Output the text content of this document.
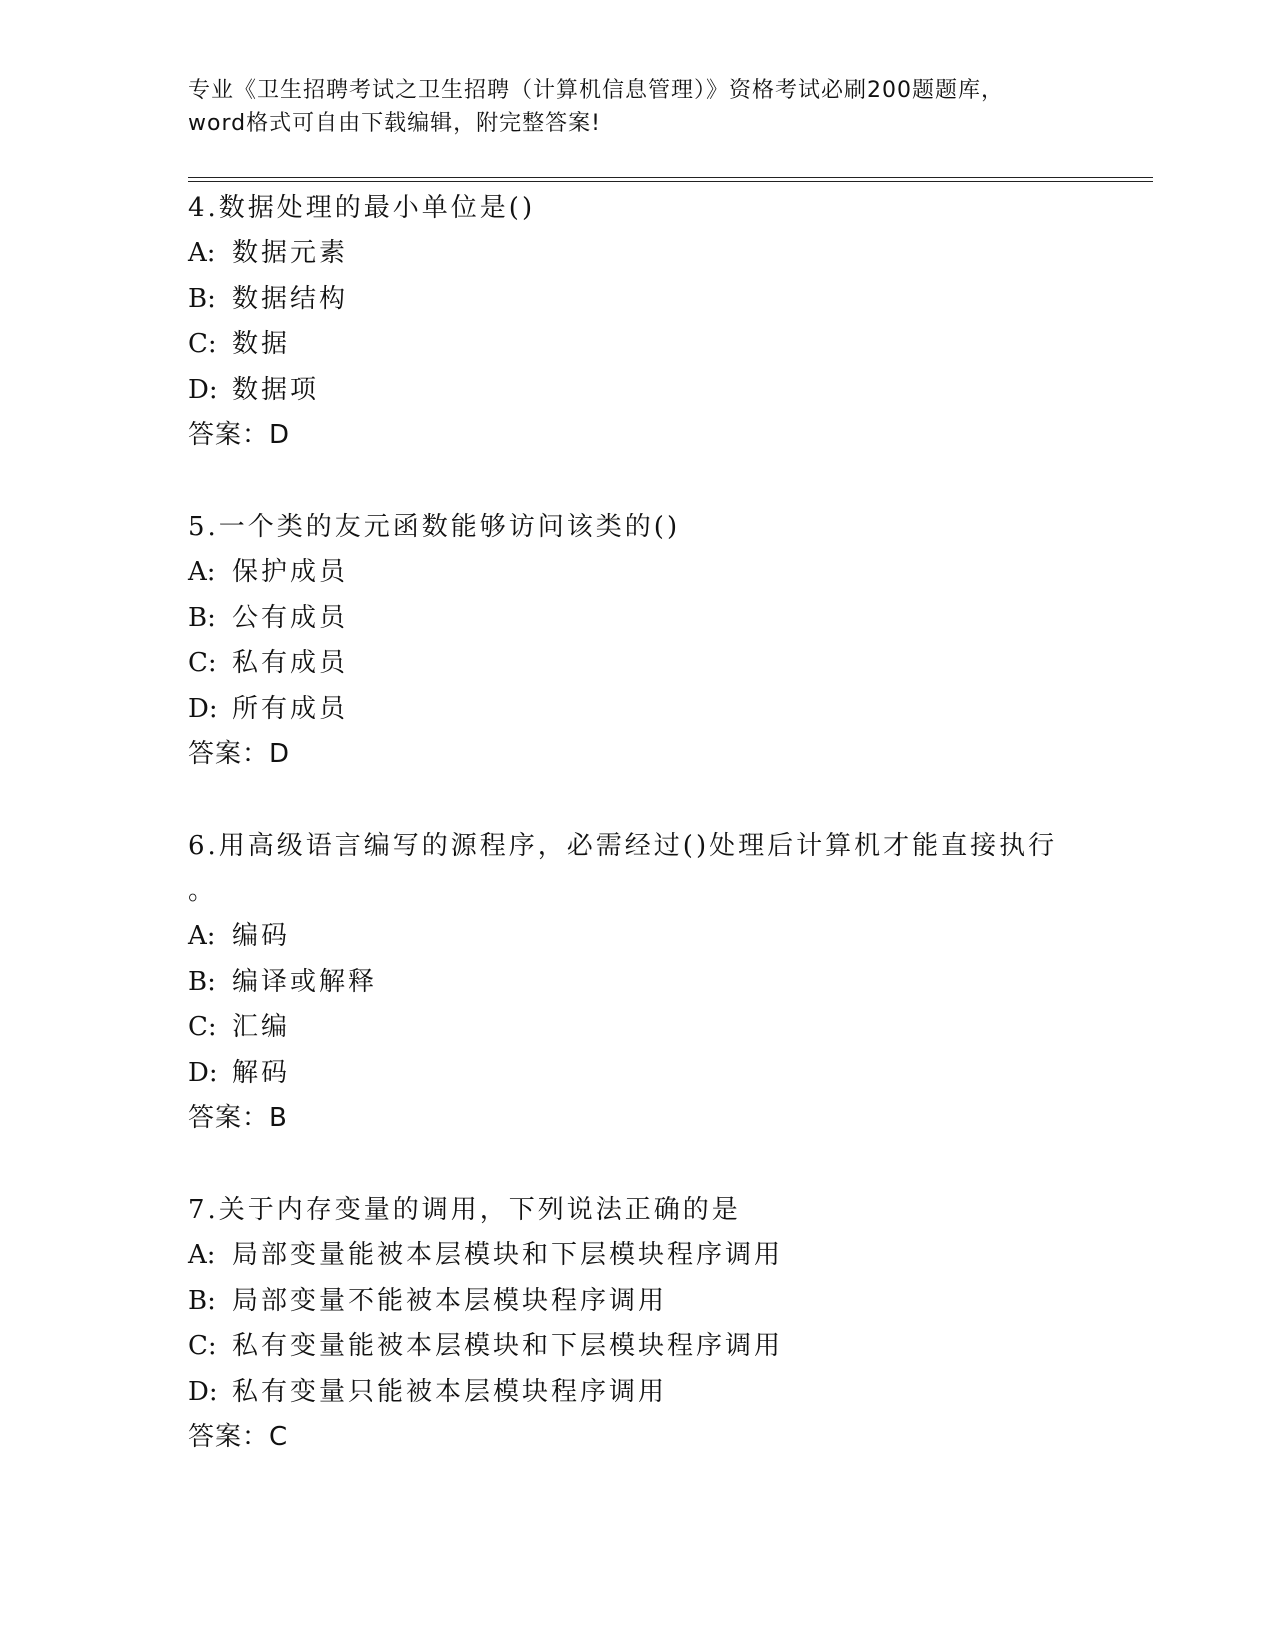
专业《卫生招聘考试之卫生招聘（计算机信息管理）》资格考试必刷200题题库，
word格式可自由下载编辑，附完整答案!
4.数据处理的最小单位是()
A: 数据元素
B: 数据结构
C: 数据
D: 数据项
答案：D
5.一个类的友元函数能够访问该类的()
A: 保护成员
B: 公有成员
C: 私有成员
D: 所有成员
答案：D
6.用高级语言编写的源程序，必需经过()处理后计算机才能直接执行
。
A: 编码
B: 编译或解释
C: 汇编
D: 解码
答案：B
7.关于内存变量的调用，下列说法正确的是
A: 局部变量能被本层模块和下层模块程序调用
B: 局部变量不能被本层模块程序调用
C: 私有变量能被本层模块和下层模块程序调用
D: 私有变量只能被本层模块程序调用
答案：C
